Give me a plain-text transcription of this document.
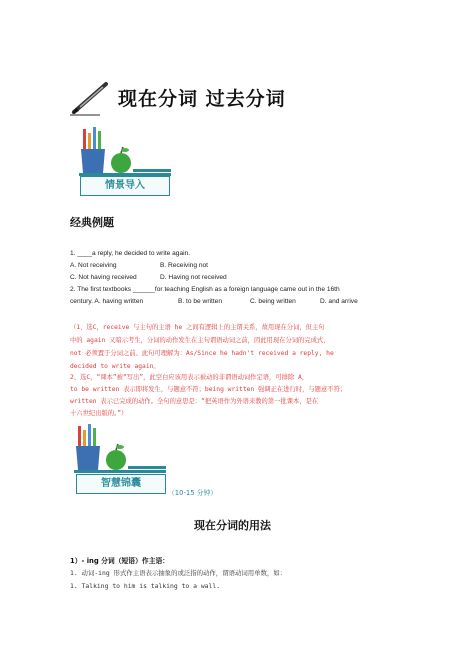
现在分词 过去分词
情景导入
经典例题
1. ____a reply, he decided to write again.
A. Not receiving	B. Receiving not
C. Not having received	D. Having not received
2. The first textbooks ______for teaching English as a foreign language came out in the 16th
century. A. having written	B. to be written	C. being written	D. and arrive
（1、选C，receive 与主句的主语 he 之间有逻辑上的主谓关系，故用现在分词，但主句
中的 again 又暗示考生，分词的动作发生在主句谓语动词之前，因此用现在分词的完成式，
not 必须置于分词之前。此句可理解为：As/Since he hadn't received a reply, he
decided to write again。
2、选C，“课本”被“写出”，此空白应该用表示被动的非谓语动词作定语，可排除 A，
to be written 表示即将发生，与题意不符；being written 强调正在进行时，与题意不符；
written 表示已完成的动作。全句的意思是：“把英语作为外语来教的第一批课本，是在
十六世纪出版的。”）
智慧锦囊
（10-15 分钟）
现在分词的用法
1）- ing 分词（短语）作主语：
1. 动词-ing 形式作主语表示抽象的或泛指的动作，谓语动词用单数，如：
1. Talking to him is talking to a wall.
